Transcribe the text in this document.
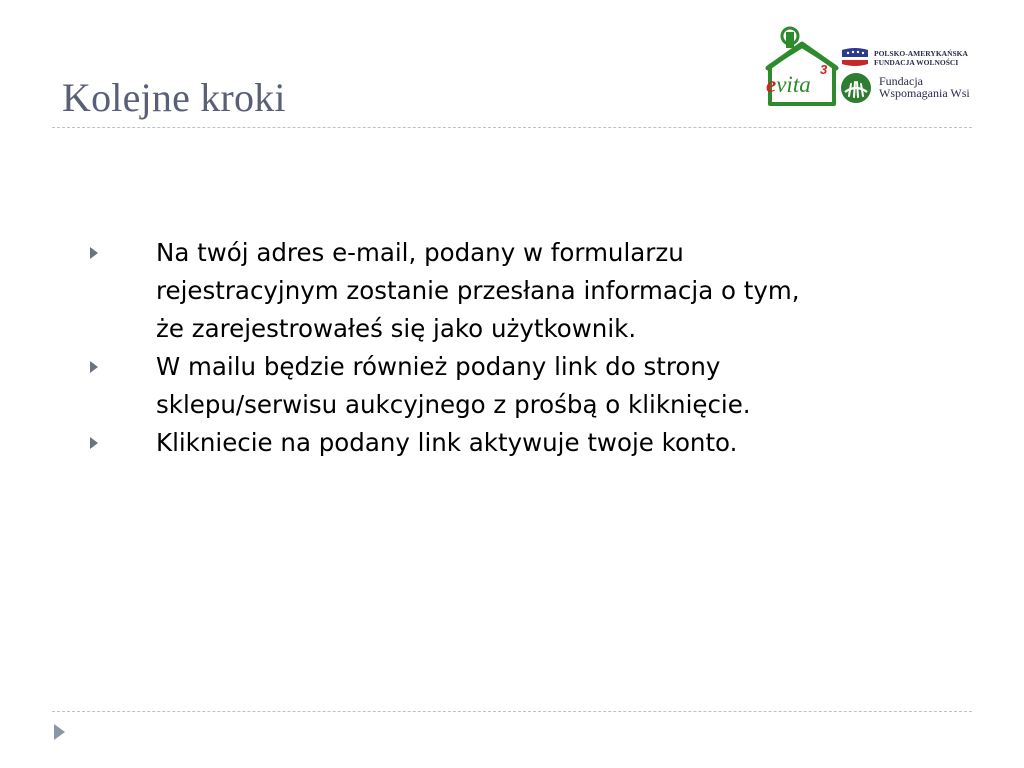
Kolejne kroki	evita
3
POLSKO-AMERYKAŃSKA
FUNDACJA WOLNOŚCI
Fundacja
Wspomagania Wsi
Na twój adres e-mail, podany w formularzu
rejestracyjnym zostanie przesłana informacja o tym,
że zarejestrowałeś się jako użytkownik.
W mailu będzie również podany link do strony
sklepu/serwisu aukcyjnego z prośbą o kliknięcie.
Klikniecie na podany link aktywuje twoje konto.
